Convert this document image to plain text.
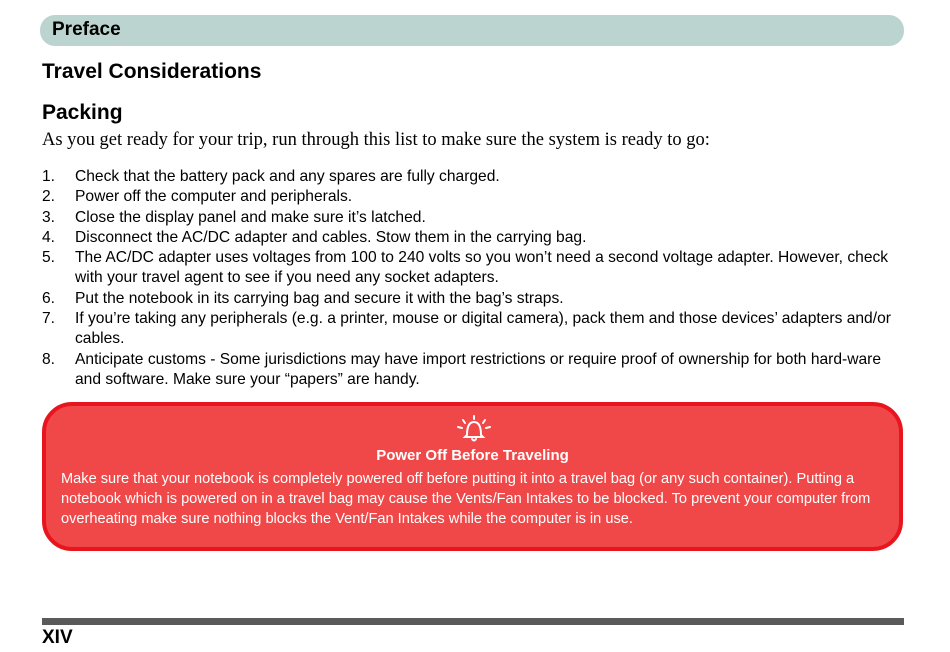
Preface
Travel Considerations
Packing
As you get ready for your trip, run through this list to make sure the system is ready to go:
1. Check that the battery pack and any spares are fully charged.
2. Power off the computer and peripherals.
3. Close the display panel and make sure it’s latched.
4. Disconnect the AC/DC adapter and cables. Stow them in the carrying bag.
5. The AC/DC adapter uses voltages from 100 to 240 volts so you won’t need a second voltage adapter. However, check with your travel agent to see if you need any socket adapters.
6. Put the notebook in its carrying bag and secure it with the bag’s straps.
7. If you’re taking any peripherals (e.g. a printer, mouse or digital camera), pack them and those devices’ adapters and/or cables.
8. Anticipate customs - Some jurisdictions may have import restrictions or require proof of ownership for both hard-ware and software. Make sure your “papers” are handy.
Power Off Before Traveling
Make sure that your notebook is completely powered off before putting it into a travel bag (or any such container). Putting a notebook which is powered on in a travel bag may cause the Vents/Fan Intakes to be blocked. To prevent your computer from overheating make sure nothing blocks the Vent/Fan Intakes while the computer is in use.
XIV
